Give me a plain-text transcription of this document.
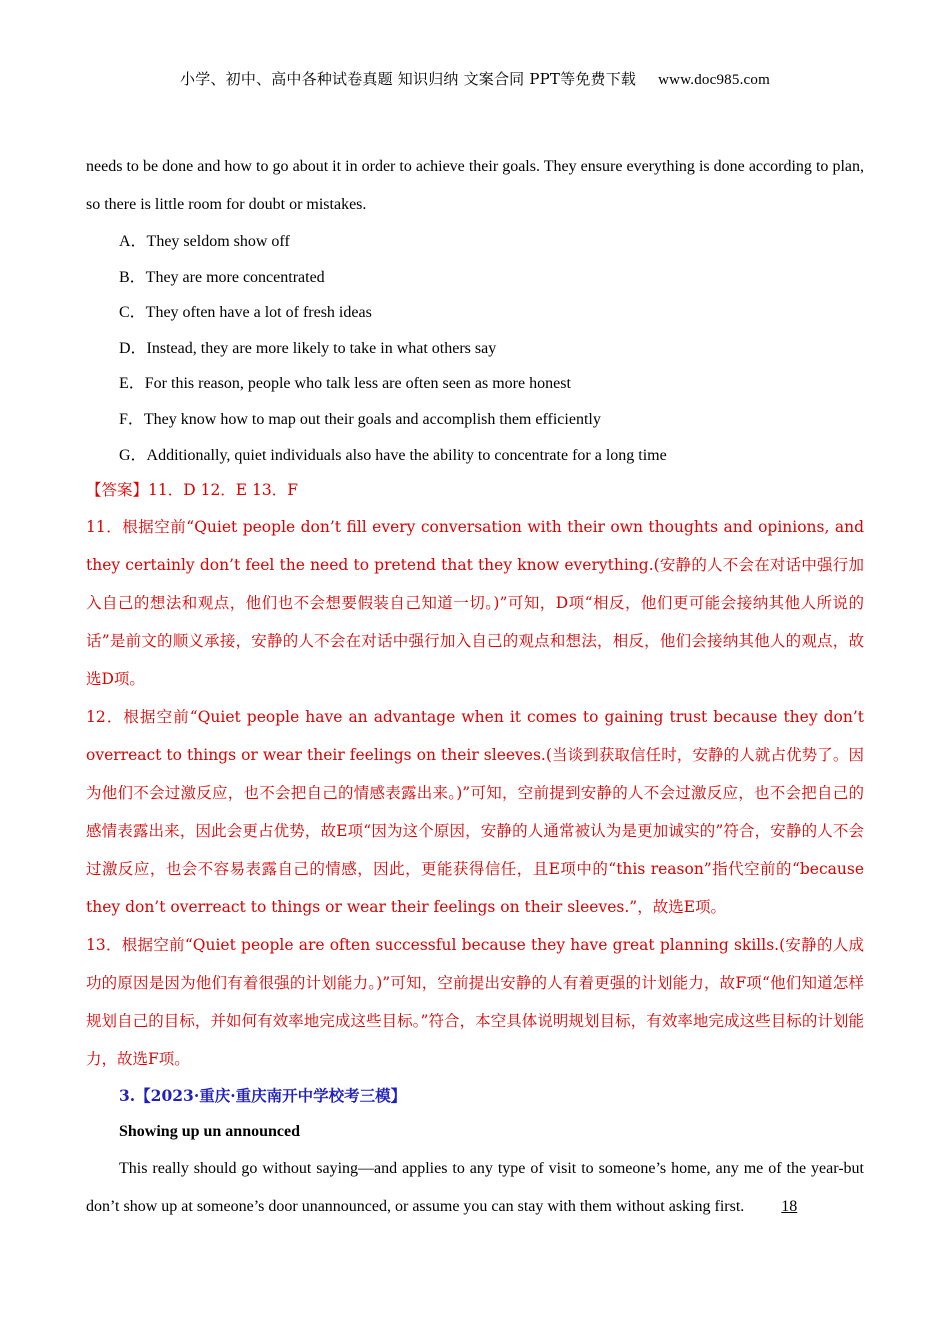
小学、初中、高中各种试卷真题 知识归纳 文案合同 PPT等免费下载 www.doc985.com

needs to be done and how to go about it in order to achieve their goals. They ensure everything is done according to plan, so there is little room for doubt or mistakes.

A．They seldom show off

B．They are more concentrated

C．They often have a lot of fresh ideas

D．Instead, they are more likely to take in what others say

E．For this reason, people who talk less are often seen as more honest

F．They know how to map out their goals and accomplish them efficiently

G．Additionally, quiet individuals also have the ability to concentrate for a long time

【答案】11．D 12．E 13．F

11．根据空前“Quiet people don’t fill every conversation with their own thoughts and opinions, and they certainly don’t feel the need to pretend that they know everything.(安静的人不会在对话中强行加入自己的想法和观点，他们也不会想要假装自己知道一切。)”可知，D项“相反，他们更可能会接纳其他人所说的话”是前文的顺义承接，安静的人不会在对话中强行加入自己的观点和想法，相反，他们会接纳其他人的观点，故选D项。

12．根据空前“Quiet people have an advantage when it comes to gaining trust because they don’t overreact to things or wear their feelings on their sleeves.(当谈到获取信任时，安静的人就占优势了。因为他们不会过激反应，也不会把自己的情感表露出来。)”可知，空前提到安静的人不会过激反应，也不会把自己的感情表露出来，因此会更占优势，故E项“因为这个原因，安静的人通常被认为是更加诚实的”符合，安静的人不会过激反应，也会不容易表露自己的情感，因此，更能获得信任，且E项中的“this reason”指代空前的“because they don’t overreact to things or wear their feelings on their sleeves.”，故选E项。

13．根据空前“Quiet people are often successful because they have great planning skills.(安静的人成功的原因是因为他们有着很强的计划能力。)”可知，空前提出安静的人有着更强的计划能力，故F项“他们知道怎样规划自己的目标，并如何有效率地完成这些目标。”符合，本空具体说明规划目标，有效率地完成这些目标的计划能力，故选F项。

3.【2023·重庆·重庆南开中学校考三模】

Showing up un announced

This really should go without saying—and applies to any type of visit to someone’s home, any me of the year-but don’t show up at someone’s door unannounced, or assume you can stay with them without asking first. 18
